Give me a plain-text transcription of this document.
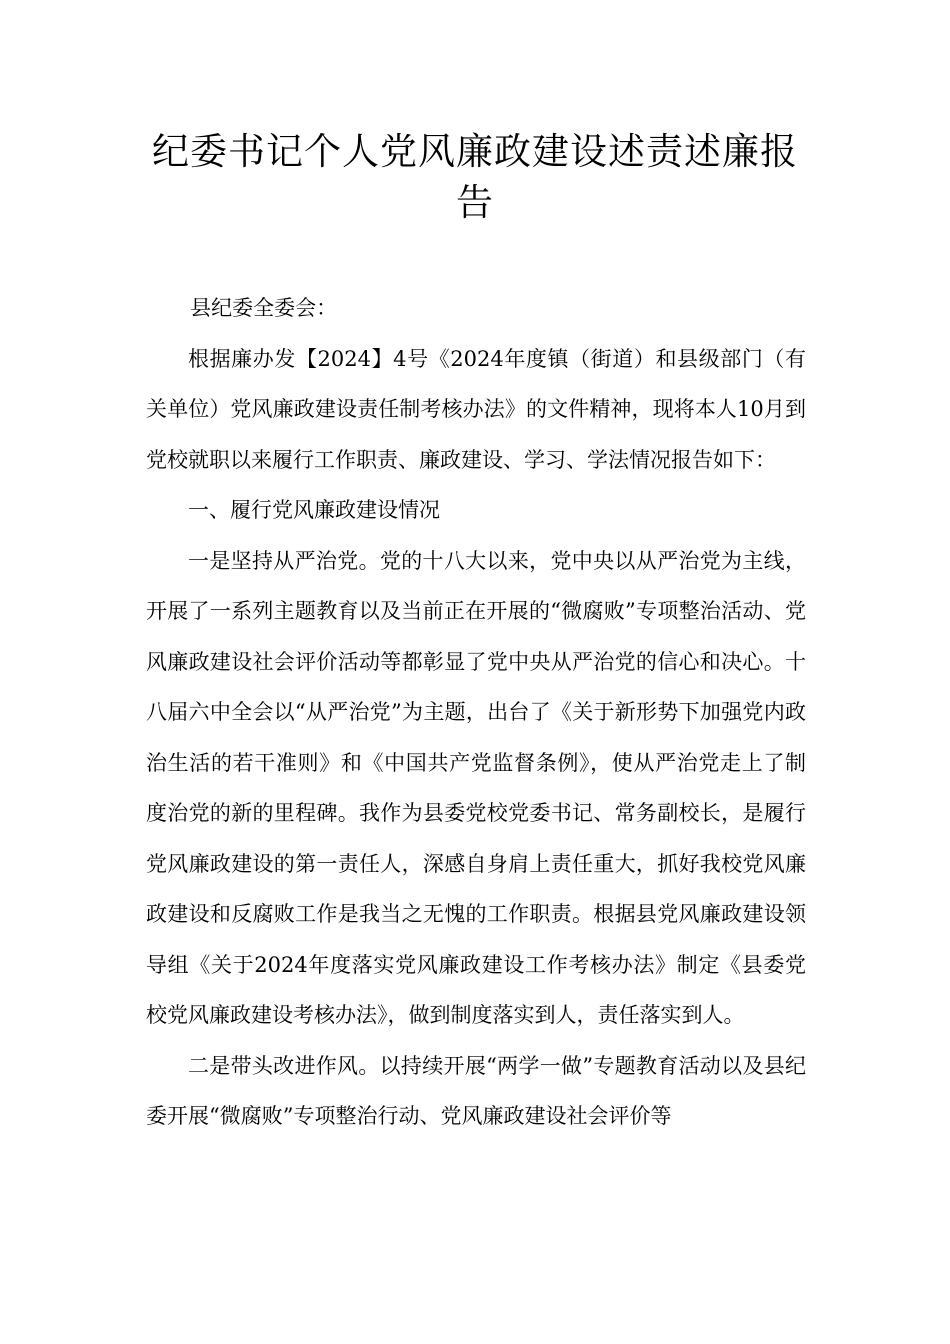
纪委书记个人党风廉政建设述责述廉报告

县纪委全委会：

根据廉办发【2024】4号《2024年度镇（街道）和县级部门（有关单位）党风廉政建设责任制考核办法》的文件精神，现将本人10月到党校就职以来履行工作职责、廉政建设、学习、学法情况报告如下：

一、履行党风廉政建设情况

一是坚持从严治党。党的十八大以来，党中央以从严治党为主线，开展了一系列主题教育以及当前正在开展的“微腐败”专项整治活动、党风廉政建设社会评价活动等都彰显了党中央从严治党的信心和决心。十八届六中全会以“从严治党”为主题，出台了《关于新形势下加强党内政治生活的若干准则》和《中国共产党监督条例》，使从严治党走上了制度治党的新的里程碑。我作为县委党校党委书记、常务副校长，是履行党风廉政建设的第一责任人，深感自身肩上责任重大，抓好我校党风廉政建设和反腐败工作是我当之无愧的工作职责。根据县党风廉政建设领导组《关于2024年度落实党风廉政建设工作考核办法》制定《县委党校党风廉政建设考核办法》，做到制度落实到人，责任落实到人。

二是带头改进作风。以持续开展“两学一做”专题教育活动以及县纪委开展“微腐败”专项整治行动、党风廉政建设社会评价等
